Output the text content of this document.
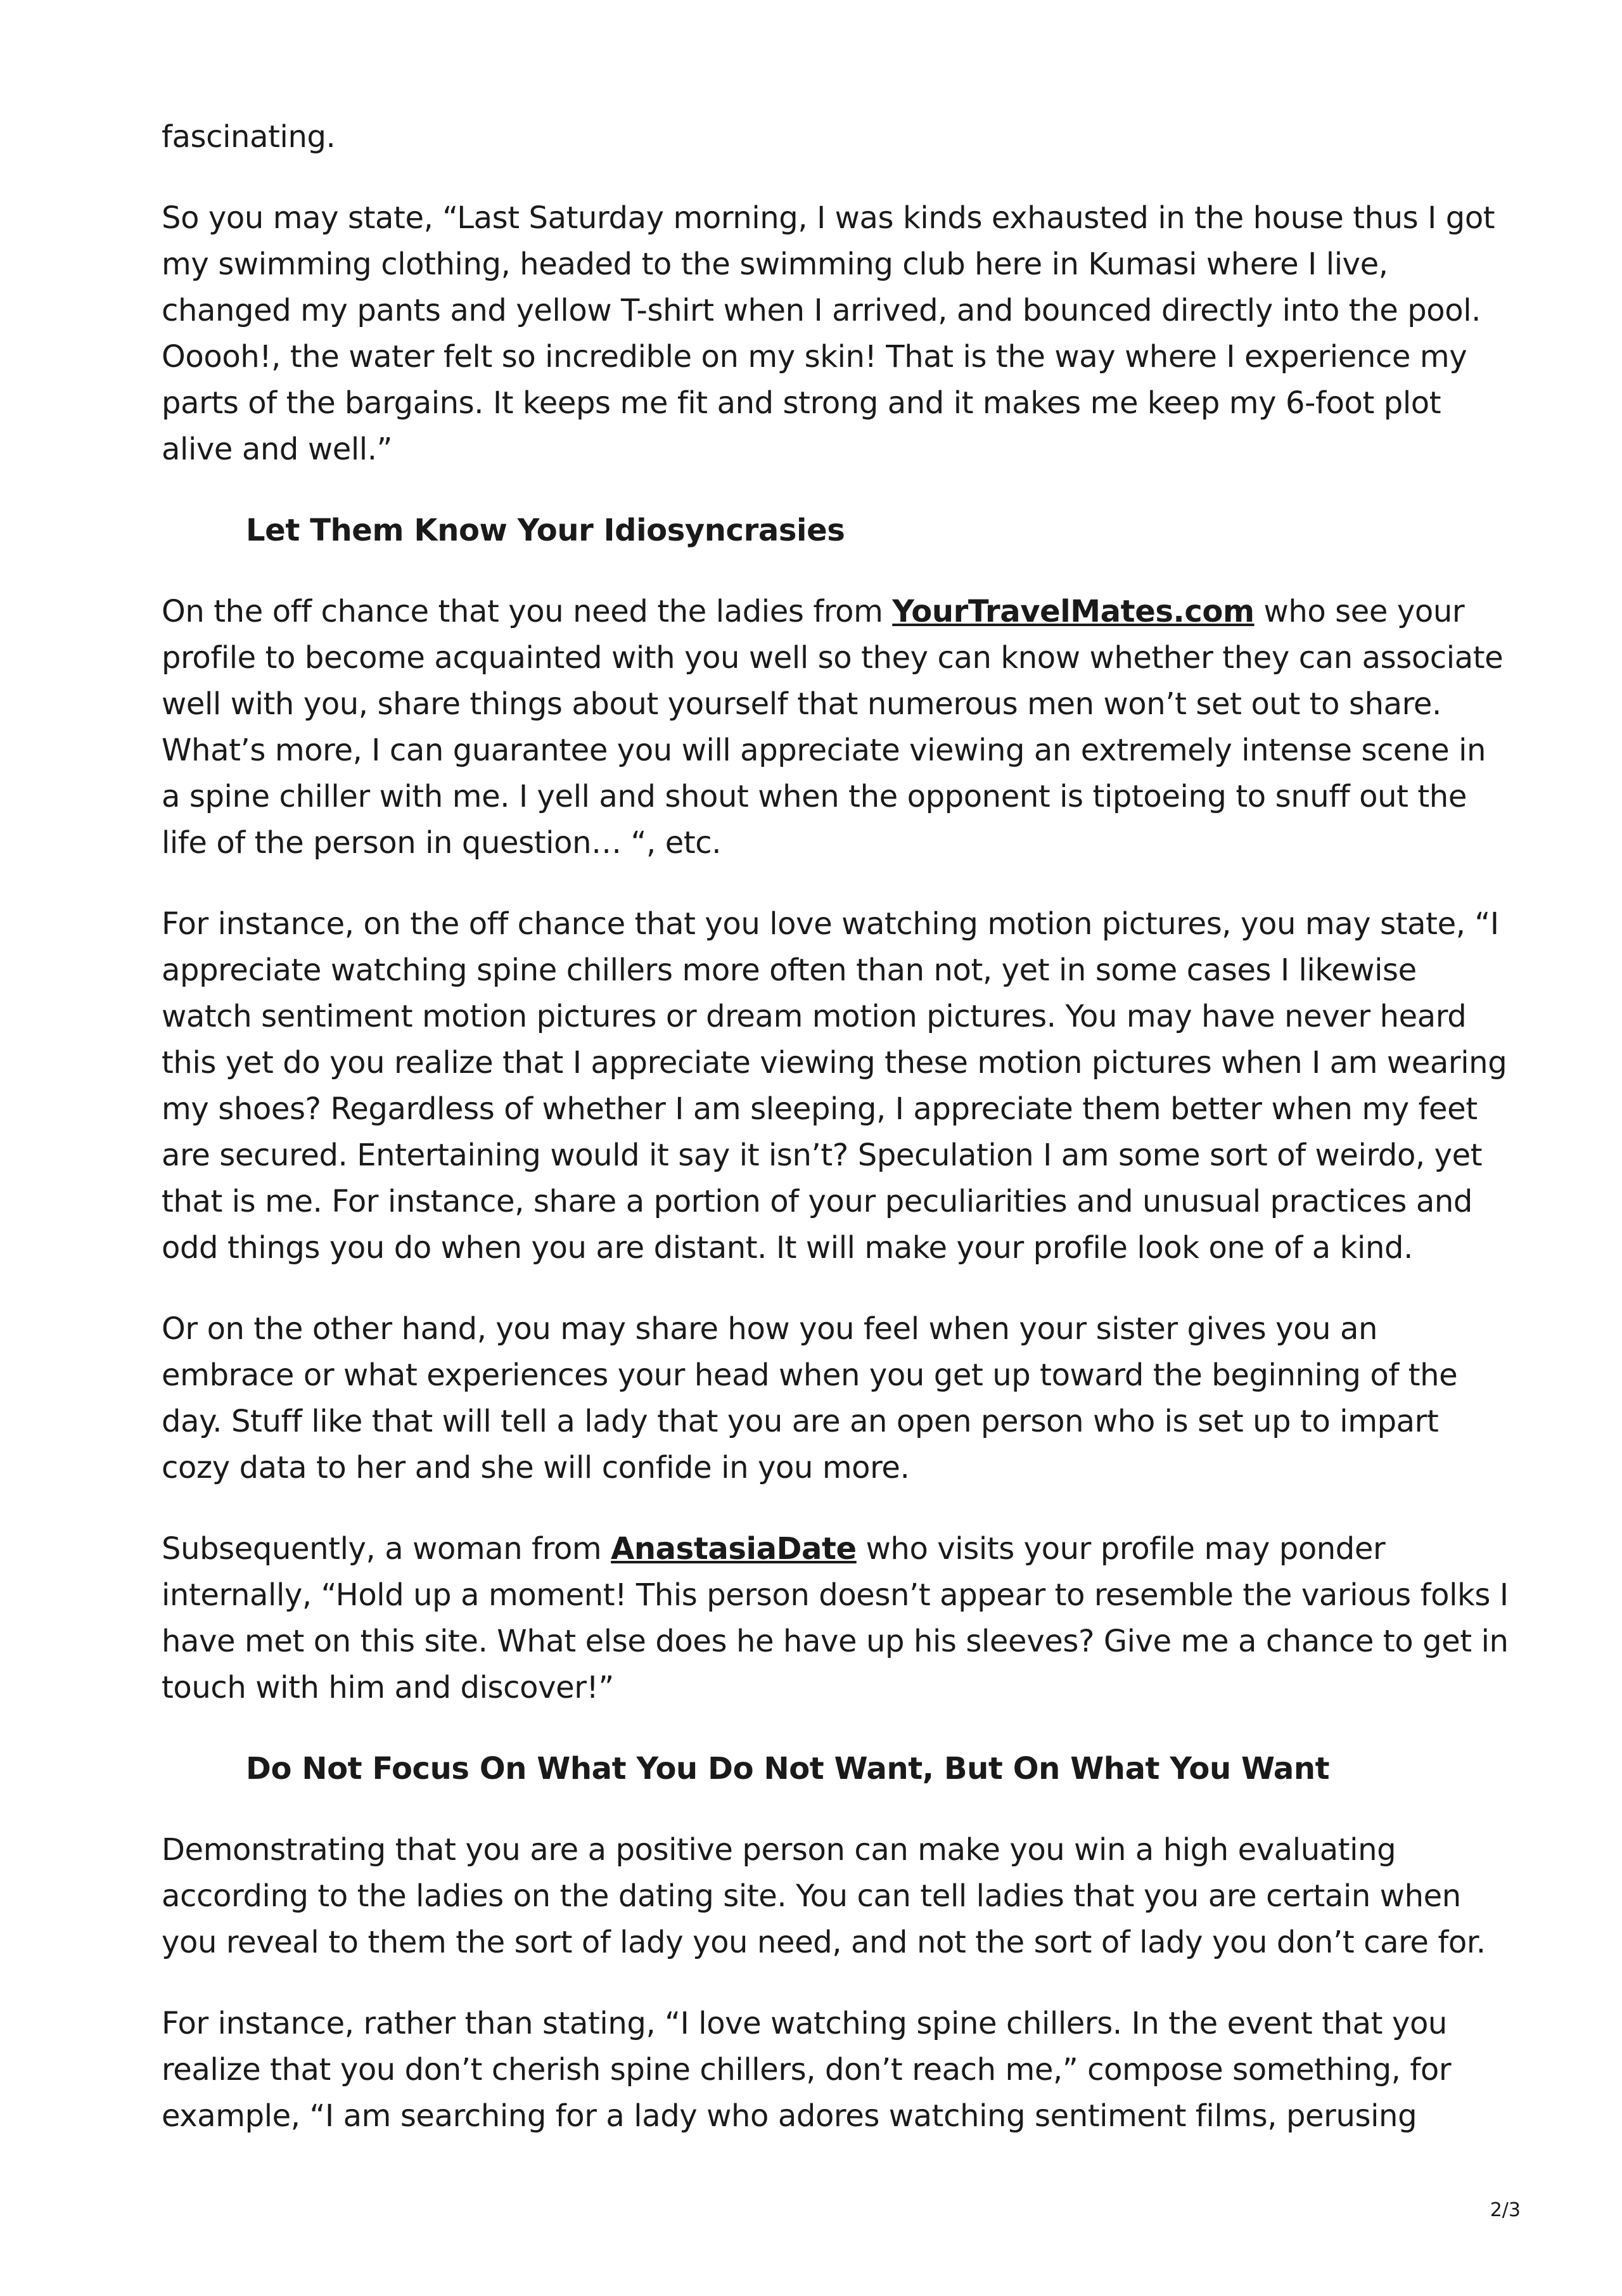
fascinating.

So you may state, “Last Saturday morning, I was kinds exhausted in the house thus I got my swimming clothing, headed to the swimming club here in Kumasi where I live, changed my pants and yellow T-shirt when I arrived, and bounced directly into the pool. Ooooh!, the water felt so incredible on my skin! That is the way where I experience my parts of the bargains. It keeps me fit and strong and it makes me keep my 6-foot plot alive and well.”

Let Them Know Your Idiosyncrasies

On the off chance that you need the ladies from YourTravelMates.com who see your profile to become acquainted with you well so they can know whether they can associate well with you, share things about yourself that numerous men won’t set out to share. What’s more, I can guarantee you will appreciate viewing an extremely intense scene in a spine chiller with me. I yell and shout when the opponent is tiptoeing to snuff out the life of the person in question… “, etc.

For instance, on the off chance that you love watching motion pictures, you may state, “I appreciate watching spine chillers more often than not, yet in some cases I likewise watch sentiment motion pictures or dream motion pictures. You may have never heard this yet do you realize that I appreciate viewing these motion pictures when I am wearing my shoes? Regardless of whether I am sleeping, I appreciate them better when my feet are secured. Entertaining would it say it isn’t? Speculation I am some sort of weirdo, yet that is me. For instance, share a portion of your peculiarities and unusual practices and odd things you do when you are distant. It will make your profile look one of a kind.

Or on the other hand, you may share how you feel when your sister gives you an embrace or what experiences your head when you get up toward the beginning of the day. Stuff like that will tell a lady that you are an open person who is set up to impart cozy data to her and she will confide in you more.

Subsequently, a woman from AnastasiaDate who visits your profile may ponder internally, “Hold up a moment! This person doesn’t appear to resemble the various folks I have met on this site. What else does he have up his sleeves? Give me a chance to get in touch with him and discover!”

Do Not Focus On What You Do Not Want, But On What You Want

Demonstrating that you are a positive person can make you win a high evaluating according to the ladies on the dating site. You can tell ladies that you are certain when you reveal to them the sort of lady you need, and not the sort of lady you don’t care for.

For instance, rather than stating, “I love watching spine chillers. In the event that you realize that you don’t cherish spine chillers, don’t reach me,” compose something, for example, “I am searching for a lady who adores watching sentiment films, perusing

2/3
